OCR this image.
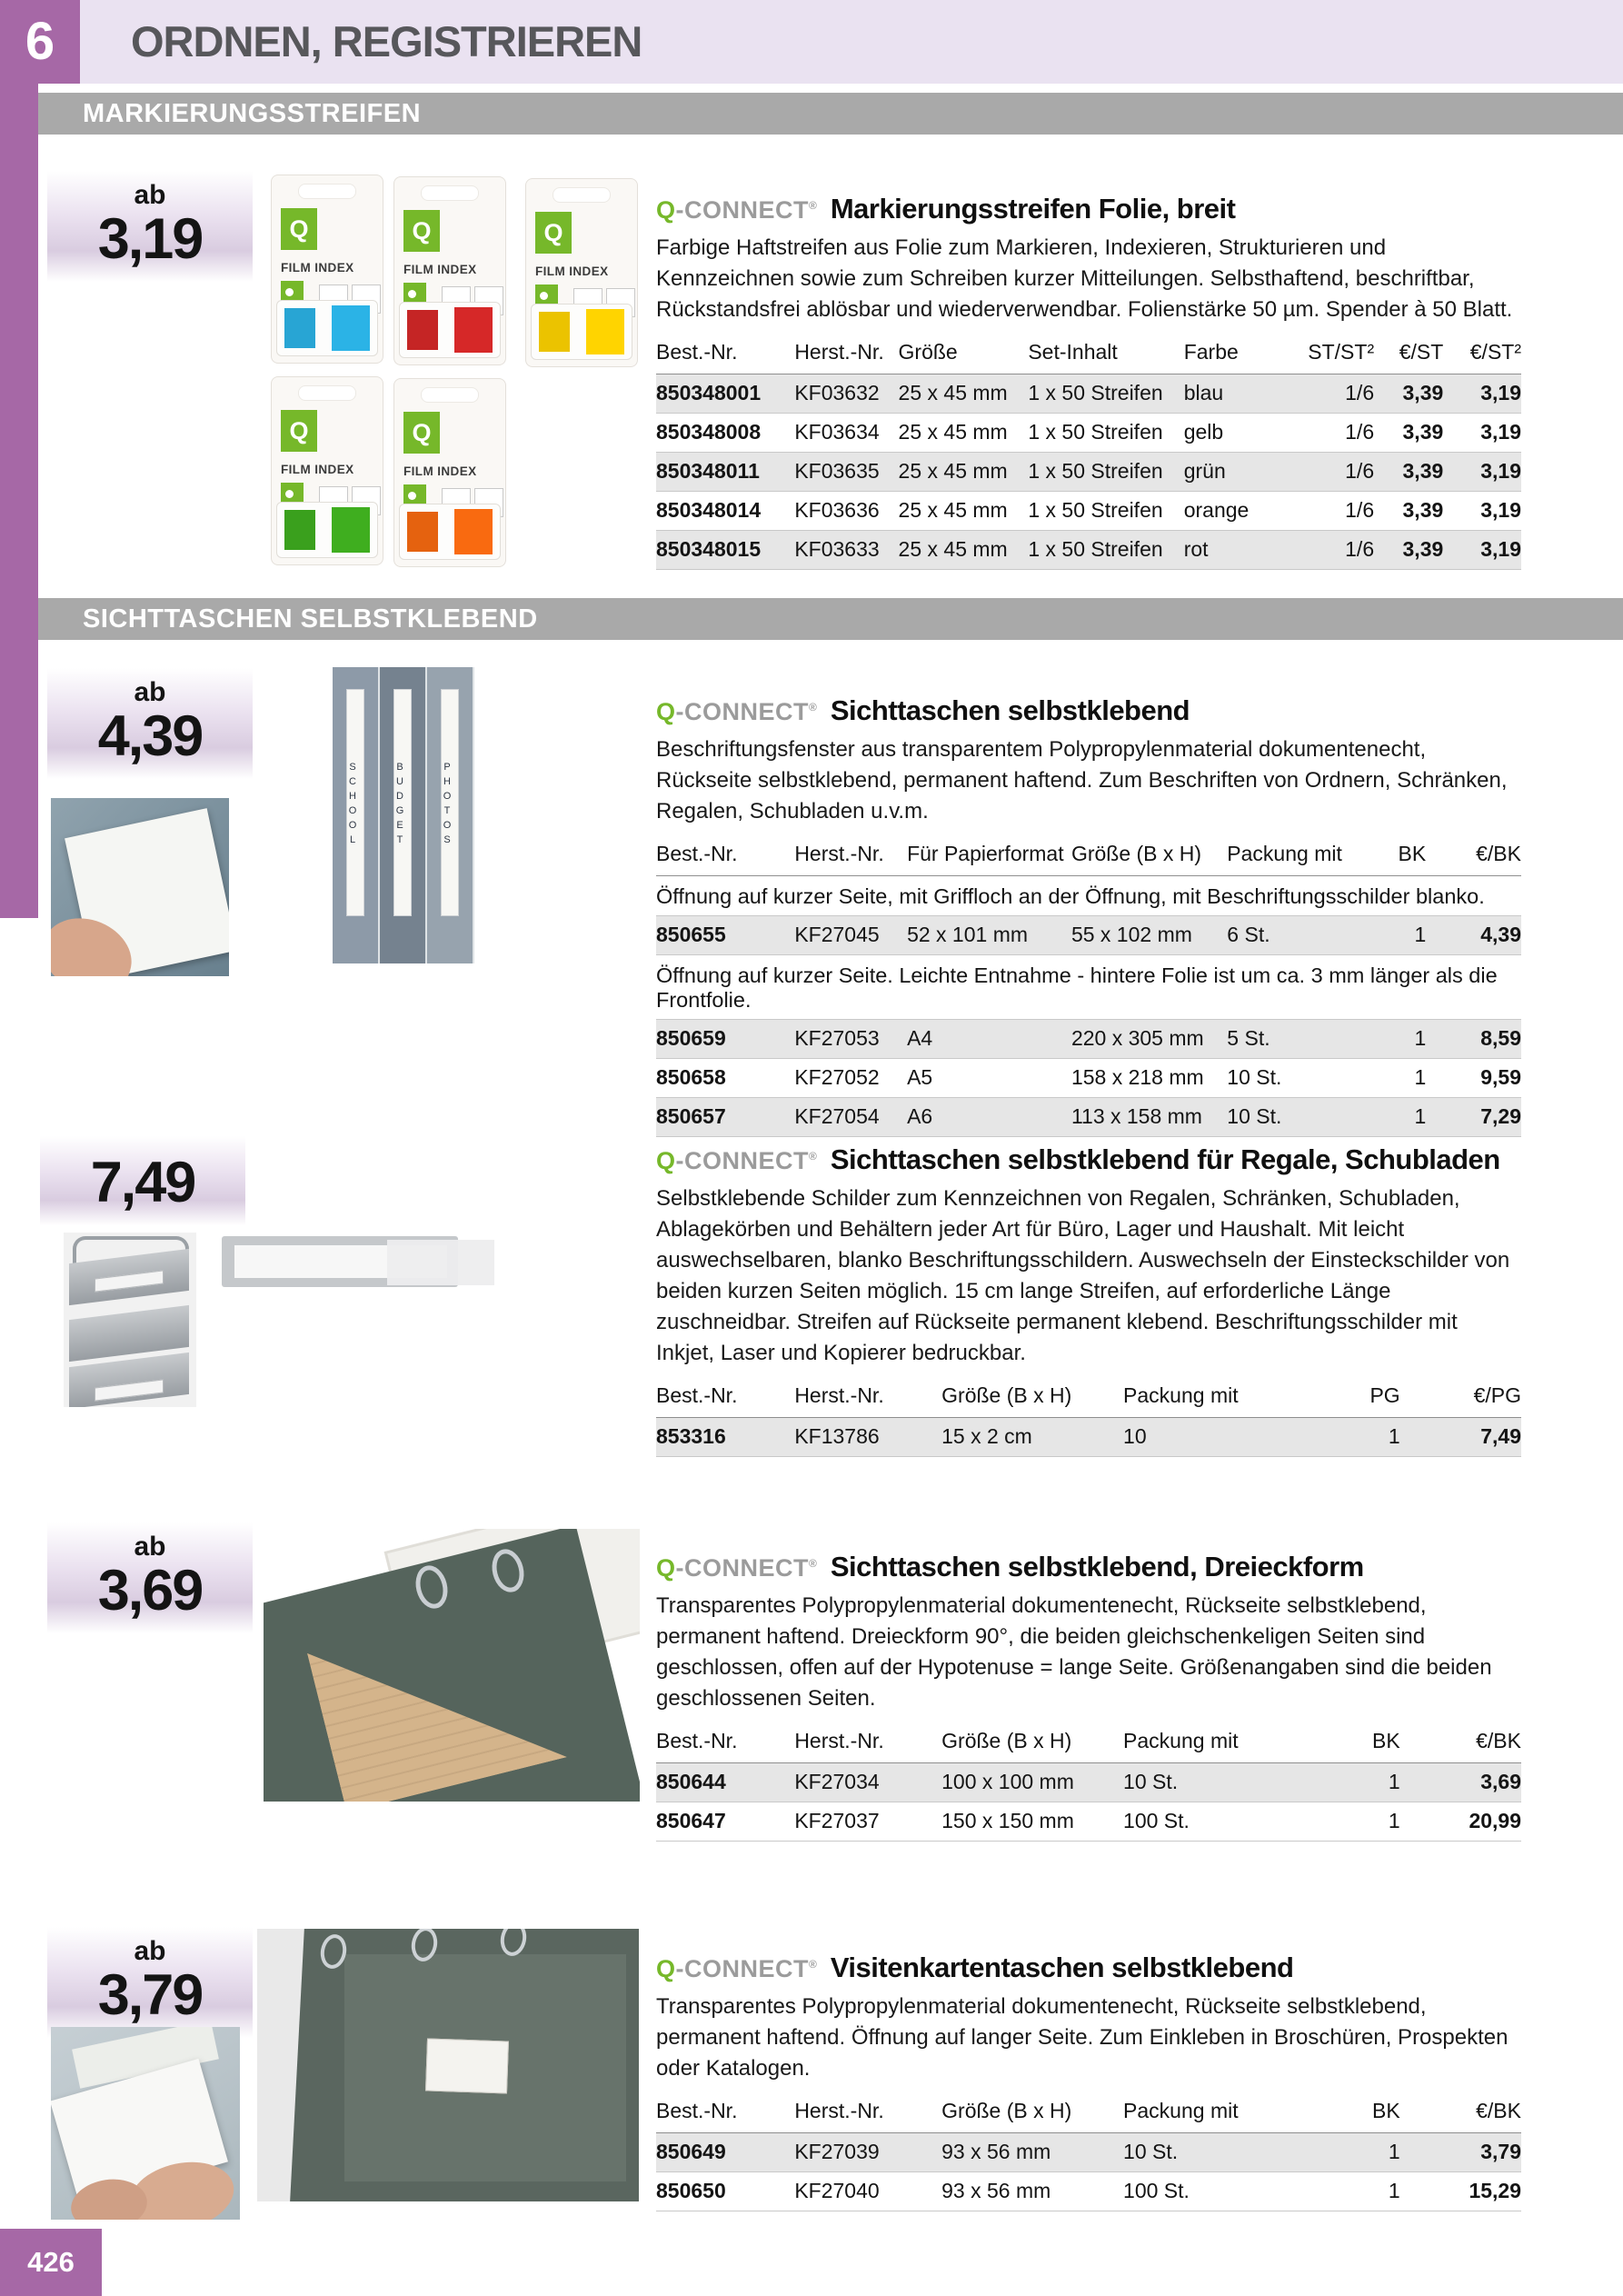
6	ORDNEN, REGISTRIEREN
MARKIERUNGSSTREIFEN
SICHTTASCHEN SELBSTKLEBEND
426
ab
3,19	Q
FILM INDEX
Q
FILM INDEX
Q
FILM INDEX
Q
FILM INDEX
Q
FILM INDEX
Q-CONNECT® Markierungsstreifen Folie, breit
Farbige Haftstreifen aus Folie zum Markieren, Indexieren, Strukturieren und Kennzeichnen sowie zum Schreiben kurzer Mitteilungen. Selbsthaftend, beschriftbar, Rückstandsfrei ablösbar und wiederverwendbar. Folienstärke 50 µm. Spender à 50 Blatt.
Best.-Nr.	Herst.-Nr.	Größe	Set-Inhalt	Farbe	ST/ST²	€/ST	€/ST²
850348001	KF03632	25 x 45 mm	1 x 50 Streifen	blau	1/6	3,39	3,19
850348008	KF03634	25 x 45 mm	1 x 50 Streifen	gelb	1/6	3,39	3,19
850348011	KF03635	25 x 45 mm	1 x 50 Streifen	grün	1/6	3,39	3,19
850348014	KF03636	25 x 45 mm	1 x 50 Streifen	orange	1/6	3,39	3,19
850348015	KF03633	25 x 45 mm	1 x 50 Streifen	rot	1/6	3,39	3,19
ab
4,39
SCHOOL	BUDGET	PHOTOS
Q-CONNECT® Sichttaschen selbstklebend
Beschriftungsfenster aus transparentem Polypropylenmaterial dokumentenecht, Rückseite selbstklebend, permanent haftend. Zum Beschriften von Ordnern, Schränken, Regalen, Schubladen u.v.m.
Best.-Nr.	Herst.-Nr.	Für Papierformat	Größe (B x H)	Packung mit	BK	€/BK
Öffnung auf kurzer Seite, mit Griffloch an der Öffnung, mit Beschriftungsschilder blanko.						
850655	KF27045	52 x 101 mm	55 x 102 mm	6 St.	1	4,39
Öffnung auf kurzer Seite. Leichte Entnahme - hintere Folie ist um ca. 3 mm länger als die Frontfolie.						
850659	KF27053	A4	220 x 305 mm	5 St.	1	8,59
850658	KF27052	A5	158 x 218 mm	10 St.	1	9,59
850657	KF27054	A6	113 x 158 mm	10 St.	1	7,29
7,49	Q-CONNECT® Sichttaschen selbstklebend für Regale, Schubladen
Selbstklebende Schilder zum Kennzeichnen von Regalen, Schränken, Schubladen, Ablagekörben und Behältern jeder Art für Büro, Lager und Haushalt. Mit leicht auswechselbaren, blanko Beschriftungsschildern. Auswechseln der Einsteckschilder von beiden kurzen Seiten möglich. 15 cm lange Streifen, auf erforderliche Länge zuschneidbar. Streifen auf Rückseite permanent klebend. Beschriftungsschilder mit Inkjet, Laser und Kopierer bedruckbar.
Best.-Nr.	Herst.-Nr.	Größe (B x H)	Packung mit	PG	€/PG
853316	KF13786	15 x 2 cm	10	1	7,49
ab
3,69	Q-CONNECT® Sichttaschen selbstklebend, Dreieckform
Transparentes Polypropylenmaterial dokumentenecht, Rückseite selbstklebend, permanent haftend. Dreieckform 90°, die beiden gleichschenkeligen Seiten sind geschlossen, offen auf der Hypotenuse = lange Seite. Größenangaben sind die beiden geschlossenen Seiten.
Best.-Nr.	Herst.-Nr.	Größe (B x H)	Packung mit	BK	€/BK
850644	KF27034	100 x 100 mm	10 St.	1	3,69
850647	KF27037	150 x 150 mm	100 St.	1	20,99
ab
3,79	Q-CONNECT® Visitenkartentaschen selbstklebend
Transparentes Polypropylenmaterial dokumentenecht, Rückseite selbstklebend, permanent haftend. Öffnung auf langer Seite. Zum Einkleben in Broschüren, Prospekten oder Katalogen.
Best.-Nr.	Herst.-Nr.	Größe (B x H)	Packung mit	BK	€/BK
850649	KF27039	93 x 56 mm	10 St.	1	3,79
850650	KF27040	93 x 56 mm	100 St.	1	15,29
